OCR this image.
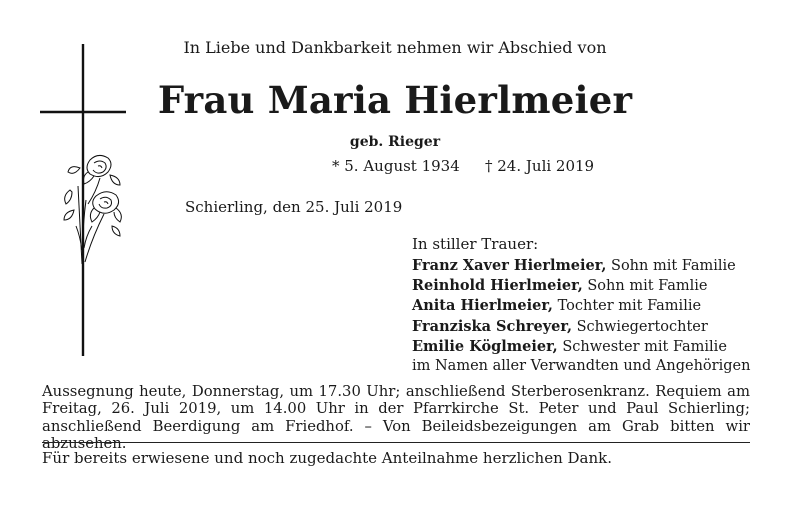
In Liebe und Dankbarkeit nehmen wir Abschied von
Frau Maria Hierlmeier
geb. Rieger
* 5. August 1934 † 24. Juli 2019
Schierling, den 25. Juli 2019
In stiller Trauer:
Franz Xaver Hierlmeier, Sohn mit Familie
Reinhold Hierlmeier, Sohn mit Famlie
Anita Hierlmeier, Tochter mit Familie
Franziska Schreyer, Schwiegertochter
Emilie Köglmeier, Schwester mit Familie
im Namen aller Verwandten und Angehörigen
Aussegnung heute, Donnerstag, um 17.30 Uhr; anschließend Sterberosenkranz. Requiem am Freitag, 26. Juli 2019, um 14.00 Uhr in der Pfarrkirche St. Peter und Paul Schierling; anschließend Beerdigung am Friedhof. – Von Beileidsbezeigungen am Grab bitten wir abzusehen.
Für bereits erwiesene und noch zugedachte Anteilnahme herzlichen Dank.
